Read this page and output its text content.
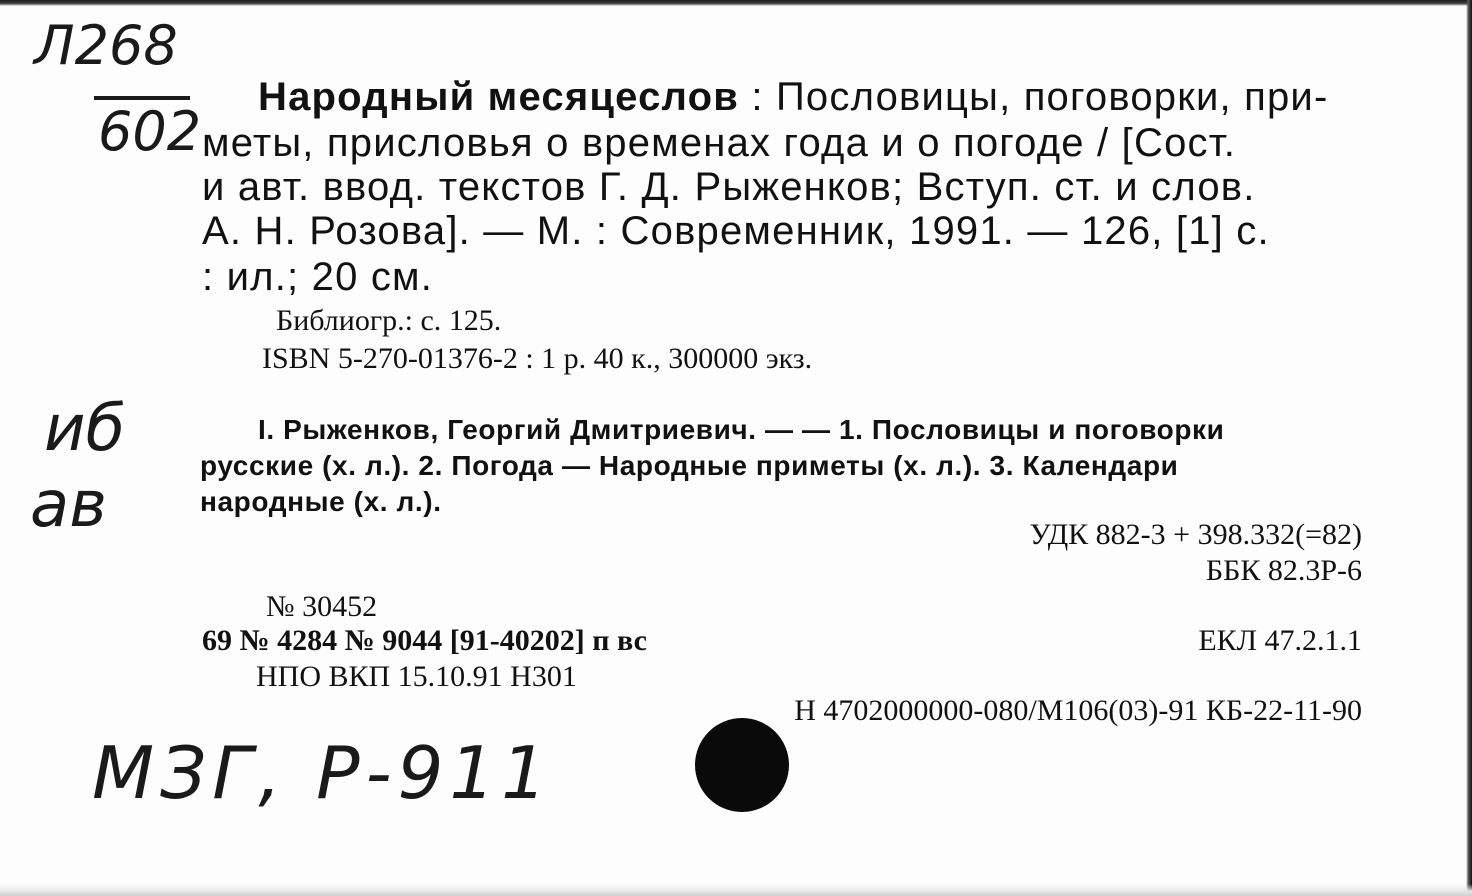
Л268
602
иб
ав
Народный месяцеслов : Пословицы, поговорки, при-
меты, присловья о временах года и о погоде / [Сост.
и авт. ввод. текстов Г. Д. Рыженков; Вступ. ст. и слов.
А. Н. Розова]. — М. : Современник, 1991. — 126, [1] с.
: ил.; 20 см.
Библиогр.: с. 125.
ISBN 5-270-01376-2 : 1 р. 40 к., 300000 экз.
I. Рыженков, Георгий Дмитриевич. — — 1. Пословицы и поговорки
русские (х. л.). 2. Погода — Народные приметы (х. л.). 3. Календари
народные (х. л.).
УДК 882-3 + 398.332(=82)
ББК 82.3Р-6
№ 30452
69 № 4284 № 9044 [91-40202] п вс	ЕКЛ 47.2.1.1
НПО ВКП 15.10.91 Н301
Н 4702000000-080/М106(03)-91 КБ-22-11-90
МЗГ, Р-911
